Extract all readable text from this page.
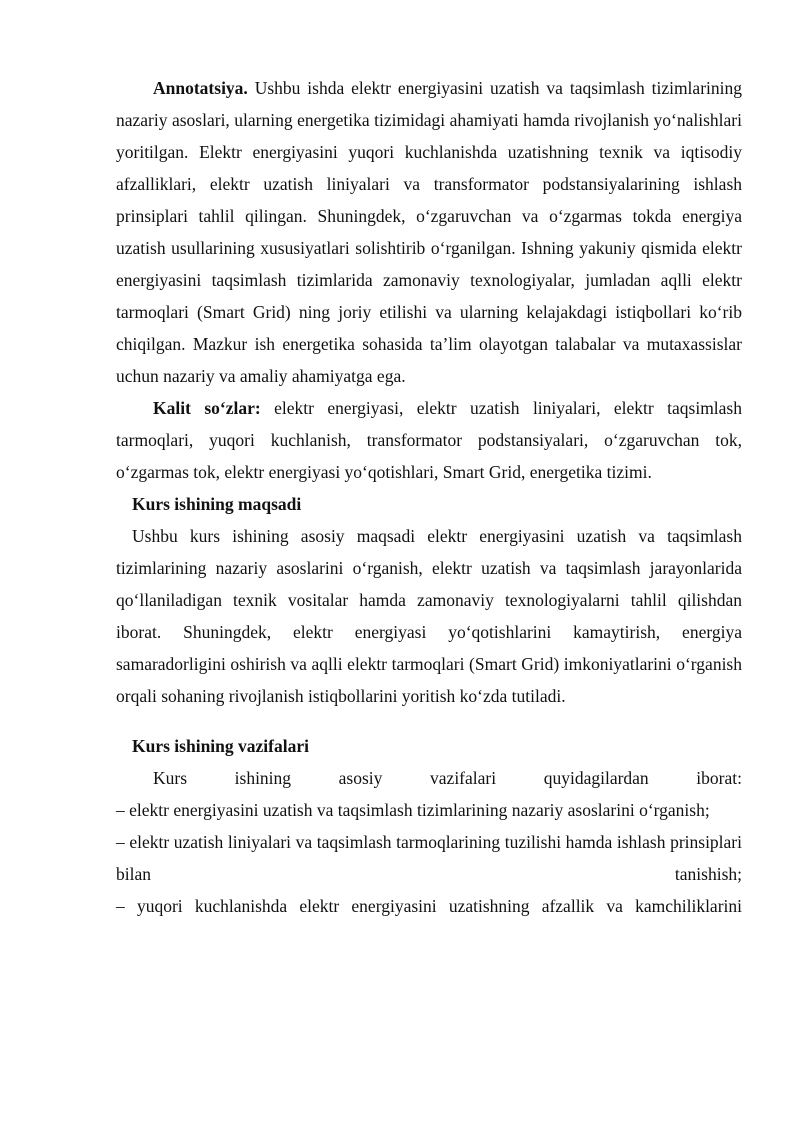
Annotatsiya. Ushbu ishda elektr energiyasini uzatish va taqsimlash tizimlarining nazariy asoslari, ularning energetika tizimidagi ahamiyati hamda rivojlanish yo‘nalishlari yoritilgan. Elektr energiyasini yuqori kuchlanishda uzatishning texnik va iqtisodiy afzalliklari, elektr uzatish liniyalari va transformator podstansiyalarining ishlash prinsiplari tahlil qilingan. Shuningdek, o‘zgaruvchan va o‘zgarmas tokda energiya uzatish usullarining xususiyatlari solishtirib o‘rganilgan. Ishning yakuniy qismida elektr energiyasini taqsimlash tizimlarida zamonaviy texnologiyalar, jumladan aqlli elektr tarmoqlari (Smart Grid) ning joriy etilishi va ularning kelajakdagi istiqbollari ko‘rib chiqilgan. Mazkur ish energetika sohasida ta’lim olayotgan talabalar va mutaxassislar uchun nazariy va amaliy ahamiyatga ega.

Kalit so‘zlar: elektr energiyasi, elektr uzatish liniyalari, elektr taqsimlash tarmoqlari, yuqori kuchlanish, transformator podstansiyalari, o‘zgaruvchan tok, o‘zgarmas tok, elektr energiyasi yo‘qotishlari, Smart Grid, energetika tizimi.

Kurs ishining maqsadi

Ushbu kurs ishining asosiy maqsadi elektr energiyasini uzatish va taqsimlash tizimlarining nazariy asoslarini o‘rganish, elektr uzatish va taqsimlash jarayonlarida qo‘llaniladigan texnik vositalar hamda zamonaviy texnologiyalarni tahlil qilishdan iborat. Shuningdek, elektr energiyasi yo‘qotishlarini kamaytirish, energiya samaradorligini oshirish va aqlli elektr tarmoqlari (Smart Grid) imkoniyatlarini o‘rganish orqali sohaning rivojlanish istiqbollarini yoritish ko‘zda tutiladi.

Kurs ishining vazifalari

Kurs ishining asosiy vazifalari quyidagilardan iborat:

– elektr energiyasini uzatish va taqsimlash tizimlarining nazariy asoslarini o‘rganish;

– elektr uzatish liniyalari va taqsimlash tarmoqlarining tuzilishi hamda ishlash prinsiplari bilan tanishish;

– yuqori kuchlanishda elektr energiyasini uzatishning afzallik va kamchiliklarini
